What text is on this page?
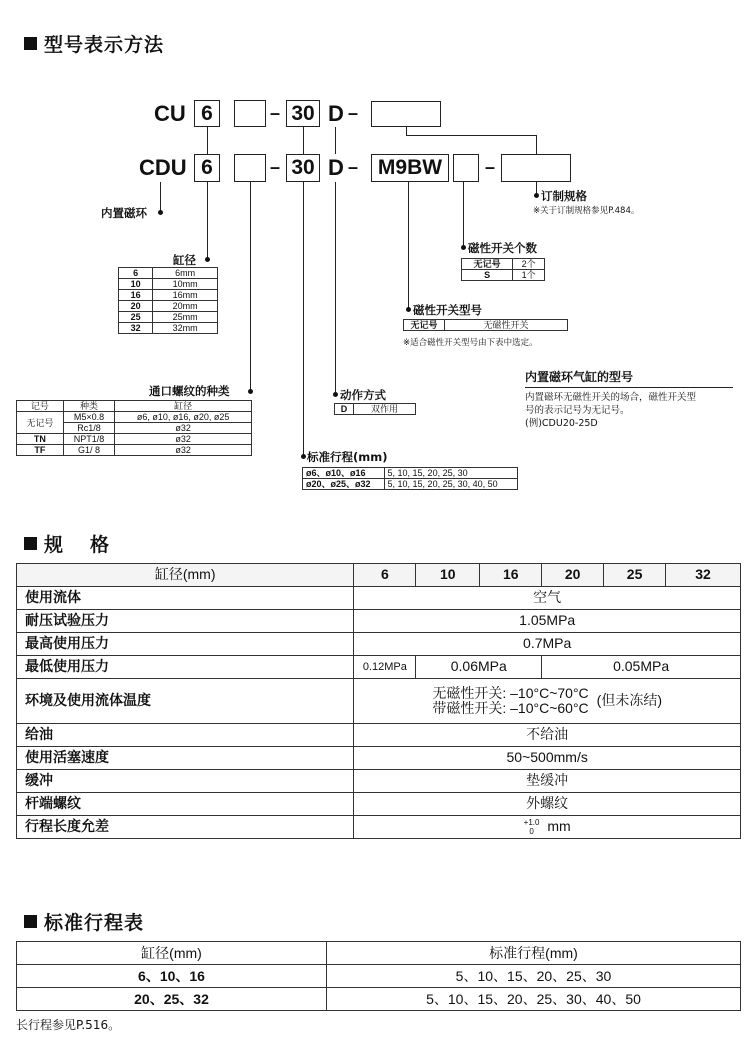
型号表示方法
CU 6	– 30 D –
CDU 6	– 30 D – M9BW	–
内置磁环
缸径
通口螺纹的种类
标准行程(mm)
动作方式
磁性开关型号
磁性开关个数
订制规格
※关于订制规格参见P.484。
6	6mm
10	10mm
16	16mm
20	20mm
25	25mm
32	32mm
记号	种类	缸径
无记号	M5×0.8	ø6, ø10, ø16, ø20, ø25
	Rc1/8	ø32
TN	NPT1/8	ø32
TF	G1/ 8	ø32
ø6、ø10、ø16	5, 10, 15, 20, 25, 30
ø20、ø25、ø32	5, 10, 15, 20, 25, 30, 40, 50
D	双作用
无记号	无磁性开关
※适合磁性开关型号由下表中选定。
无记号	2个
S	1个
内置磁环气缸的型号
内置磁环无磁性开关的场合，磁性开关型
号的表示记号为无记号。
(例)CDU20-25D
规 格
缸径(mm)	6	10	16	20	25	32
使用流体	空气					
耐压试验压力	1.05MPa					
最高使用压力	0.7MPa					
最低使用压力	0.12MPa	0.06MPa		0.05MPa		
环境及使用流体温度	无磁性开关: –10°C~70°C
带磁性开关: –10°C~60°C (但未冻结)					

给油	不给油					
使用活塞速度	50~500mm/s					
缓冲	垫缓冲					
杆端螺纹	外螺纹					
行程长度允差	+1.0
0 mm					
标准行程表
缸径(mm)	标准行程(mm)
6、10、16	5、10、15、20、25、30
20、25、32	5、10、15、20、25、30、40、50
长行程参见P.516。
